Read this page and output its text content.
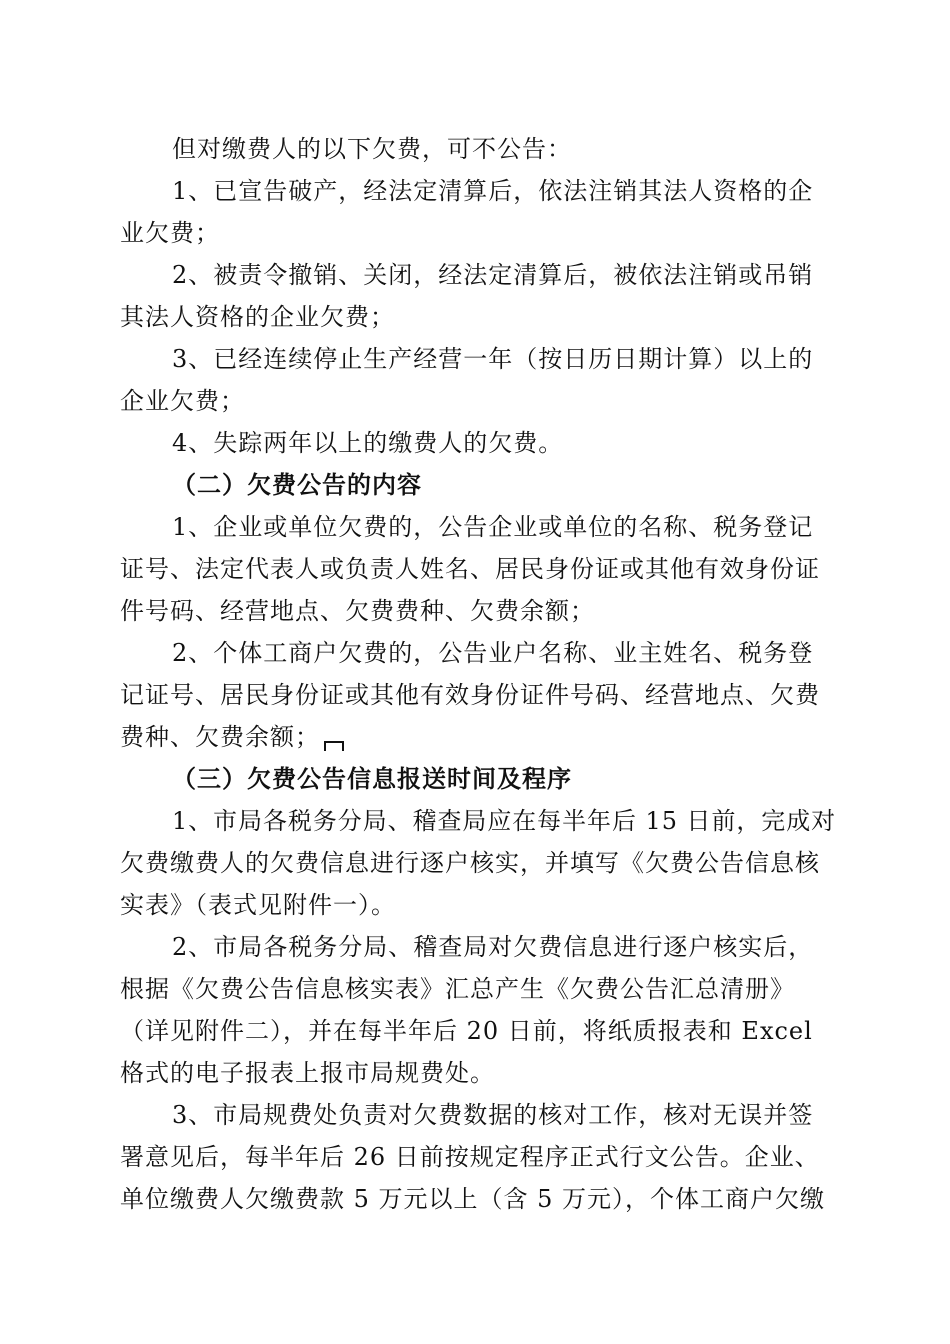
但对缴费人的以下欠费，可不公告：
1、已宣告破产，经法定清算后，依法注销其法人资格的企
业欠费；
2、被责令撤销、关闭，经法定清算后，被依法注销或吊销
其法人资格的企业欠费；
3、已经连续停止生产经营一年（按日历日期计算）以上的
企业欠费；
4、失踪两年以上的缴费人的欠费。
（二）欠费公告的内容
1、企业或单位欠费的，公告企业或单位的名称、税务登记
证号、法定代表人或负责人姓名、居民身份证或其他有效身份证
件号码、经营地点、欠费费种、欠费余额；
2、个体工商户欠费的，公告业户名称、业主姓名、税务登
记证号、居民身份证或其他有效身份证件号码、经营地点、欠费
费种、欠费余额；
（三）欠费公告信息报送时间及程序
1、市局各税务分局、稽查局应在每半年后 15 日前，完成对
欠费缴费人的欠费信息进行逐户核实，并填写《欠费公告信息核
实表》（表式见附件一）。
2、市局各税务分局、稽查局对欠费信息进行逐户核实后，
根据《欠费公告信息核实表》汇总产生《欠费公告汇总清册》
（详见附件二），并在每半年后 20 日前，将纸质报表和 Excel
格式的电子报表上报市局规费处。
3、市局规费处负责对欠费数据的核对工作，核对无误并签
署意见后，每半年后 26 日前按规定程序正式行文公告。企业、
单位缴费人欠缴费款 5 万元以上（含 5 万元），个体工商户欠缴
